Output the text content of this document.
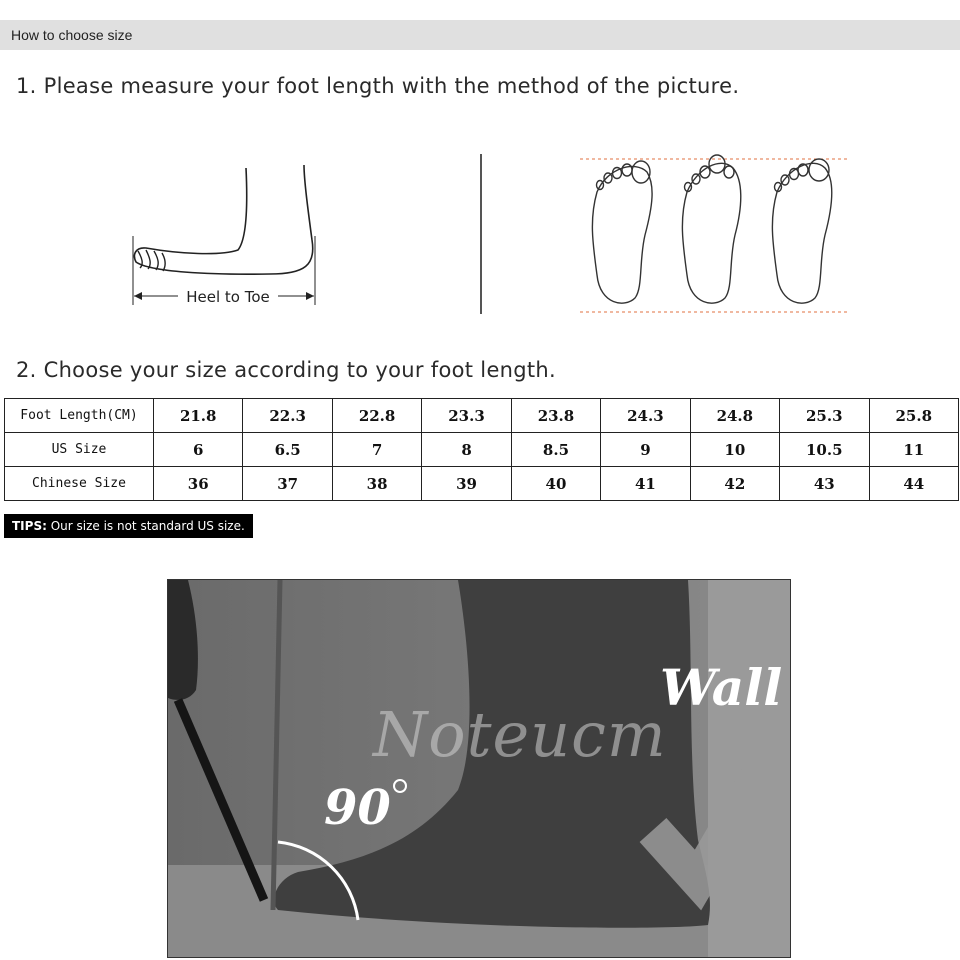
How to choose size
1. Please measure your foot length with the method of the picture.
Heel to Toe
2. Choose your size according to your foot length.
Foot Length(CM)	21.8	22.3	22.8	23.3	23.8	24.3	24.8	25.3	25.8
US Size	6	6.5	7	8	8.5	9	10	10.5	11
Chinese Size	36	37	38	39	40	41	42	43	44
TIPS: Our size is not standard US size.
Noteucm
Wall
90
